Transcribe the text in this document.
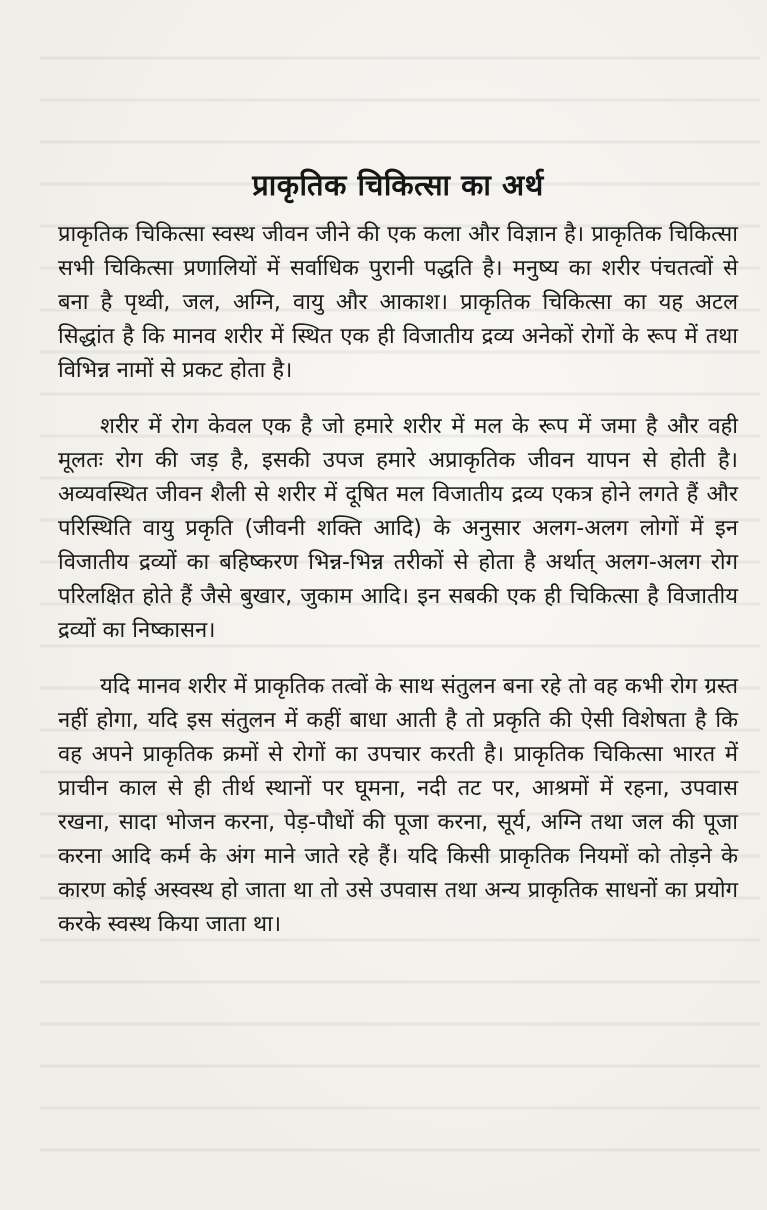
प्राकृतिक चिकित्सा का अर्थ

प्राकृतिक चिकित्सा स्वस्थ जीवन जीने की एक कला और विज्ञान है। प्राकृतिक चिकित्सा सभी चिकित्सा प्रणालियों में सर्वाधिक पुरानी पद्धति है। मनुष्य का शरीर पंचतत्वों से बना है पृथ्वी, जल, अग्नि, वायु और आकाश। प्राकृतिक चिकित्सा का यह अटल सिद्धांत है कि मानव शरीर में स्थित एक ही विजातीय द्रव्य अनेकों रोगों के रूप में तथा विभिन्न नामों से प्रकट होता है।

शरीर में रोग केवल एक है जो हमारे शरीर में मल के रूप में जमा है और वही मूलतः रोग की जड़ है, इसकी उपज हमारे अप्राकृतिक जीवन यापन से होती है। अव्यवस्थित जीवन शैली से शरीर में दूषित मल विजातीय द्रव्य एकत्र होने लगते हैं और परिस्थिति वायु प्रकृति (जीवनी शक्ति आदि) के अनुसार अलग-अलग लोगों में इन विजातीय द्रव्यों का बहिष्करण भिन्न-भिन्न तरीकों से होता है अर्थात् अलग-अलग रोग परिलक्षित होते हैं जैसे बुखार, जुकाम आदि। इन सबकी एक ही चिकित्सा है विजातीय द्रव्यों का निष्कासन।

यदि मानव शरीर में प्राकृतिक तत्वों के साथ संतुलन बना रहे तो वह कभी रोग ग्रस्त नहीं होगा, यदि इस संतुलन में कहीं बाधा आती है तो प्रकृति की ऐसी विशेषता है कि वह अपने प्राकृतिक क्रमों से रोगों का उपचार करती है। प्राकृतिक चिकित्सा भारत में प्राचीन काल से ही तीर्थ स्थानों पर घूमना, नदी तट पर, आश्रमों में रहना, उपवास रखना, सादा भोजन करना, पेड़-पौधों की पूजा करना, सूर्य, अग्नि तथा जल की पूजा करना आदि कर्म के अंग माने जाते रहे हैं। यदि किसी प्राकृतिक नियमों को तोड़ने के कारण कोई अस्वस्थ हो जाता था तो उसे उपवास तथा अन्य प्राकृतिक साधनों का प्रयोग करके स्वस्थ किया जाता था।
